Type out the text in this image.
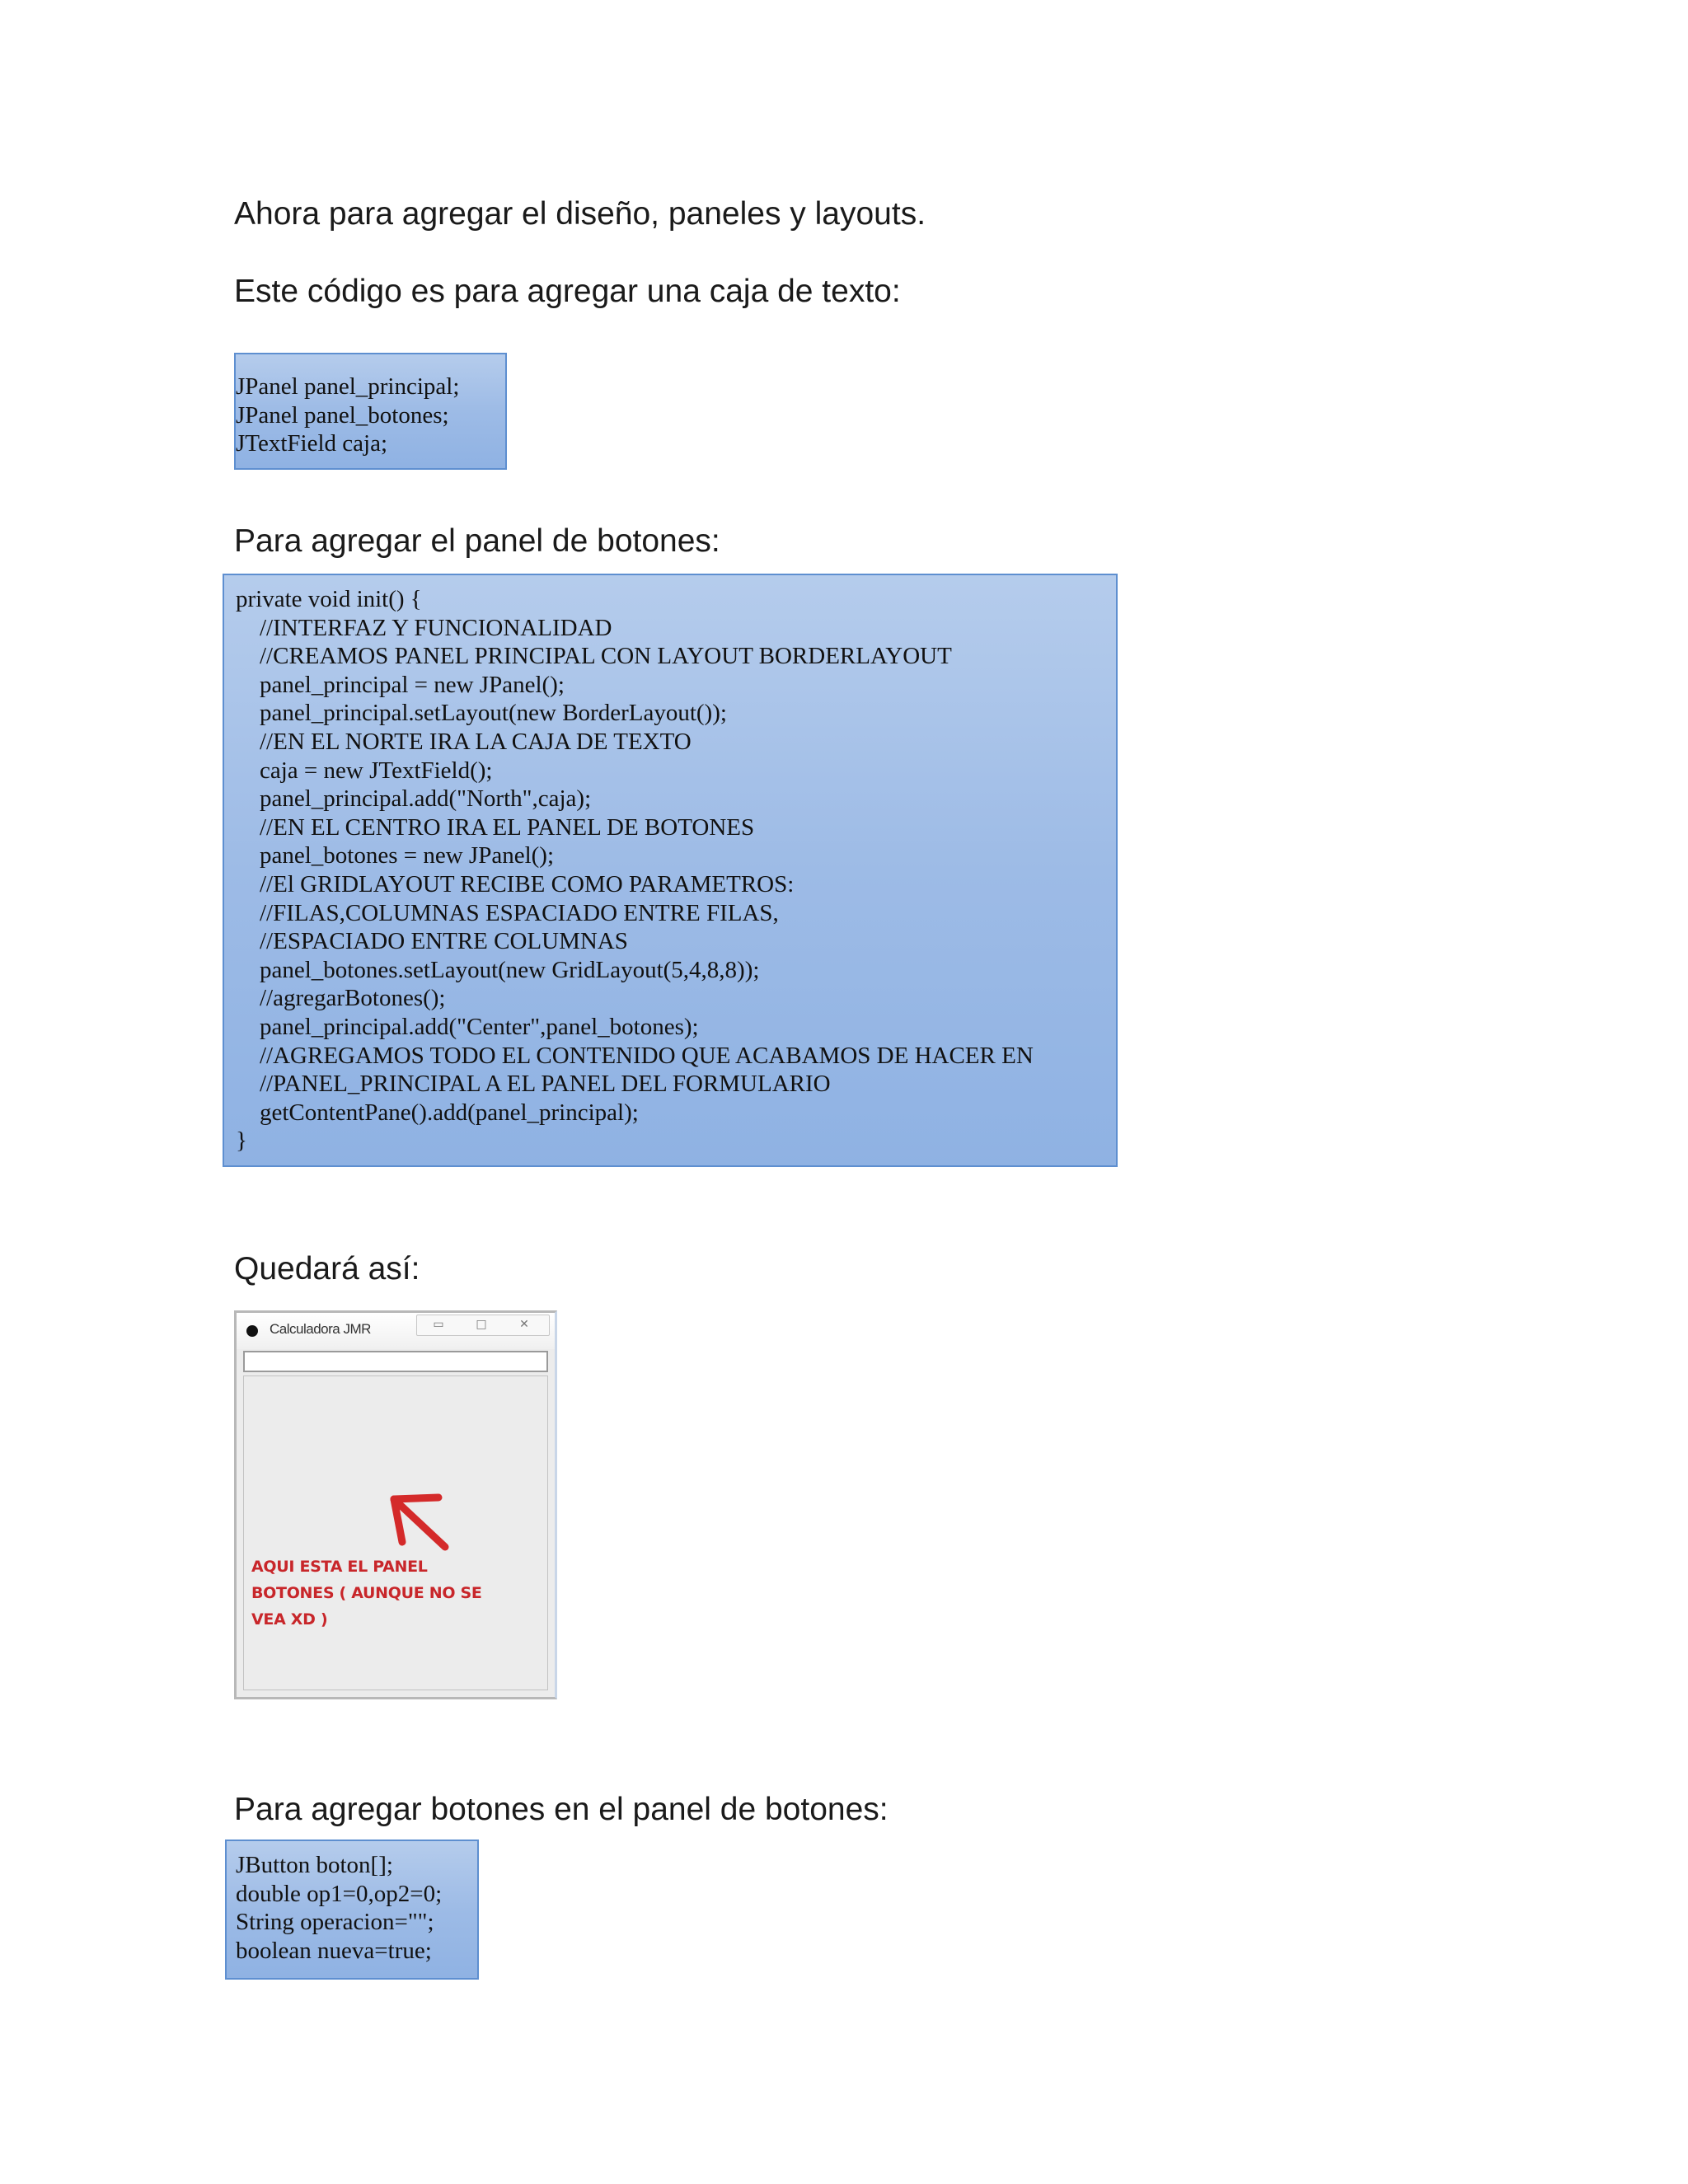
Ahora para agregar el diseño, paneles y layouts.
Este código es para agregar una caja de texto:
JPanel panel_principal;
JPanel panel_botones;
JTextField caja;
Para agregar el panel de botones:
private void init() {
//INTERFAZ Y FUNCIONALIDAD
//CREAMOS PANEL PRINCIPAL CON LAYOUT BORDERLAYOUT
panel_principal = new JPanel();
panel_principal.setLayout(new BorderLayout());
//EN EL NORTE IRA LA CAJA DE TEXTO
caja = new JTextField();
panel_principal.add("North",caja);
//EN EL CENTRO IRA EL PANEL DE BOTONES
panel_botones = new JPanel();
//El GRIDLAYOUT RECIBE COMO PARAMETROS:
//FILAS,COLUMNAS ESPACIADO ENTRE FILAS,
//ESPACIADO ENTRE COLUMNAS
panel_botones.setLayout(new GridLayout(5,4,8,8));
//agregarBotones();
panel_principal.add("Center",panel_botones);
//AGREGAMOS TODO EL CONTENIDO QUE ACABAMOS DE HACER EN
//PANEL_PRINCIPAL A EL PANEL DEL FORMULARIO
getContentPane().add(panel_principal);
}
Quedará así:
Calculadora JMR	▭	□	✕
AQUI ESTA EL PANEL
BOTONES ( AUNQUE NO SE
VEA XD )
Para agregar botones en el panel de botones:
JButton boton[];
double op1=0,op2=0;
String operacion="";
boolean nueva=true;
